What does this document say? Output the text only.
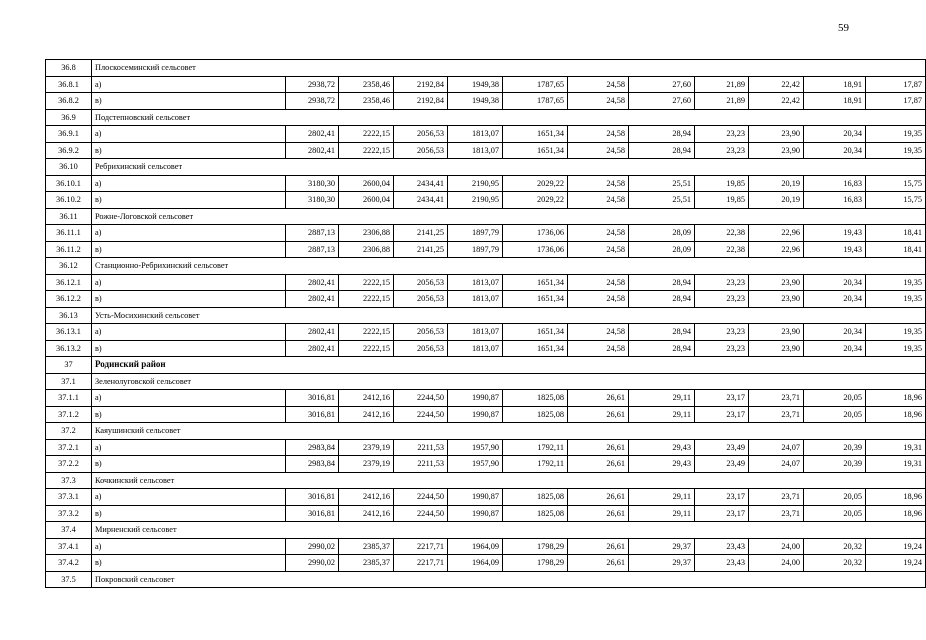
59
36.8	Плоскосеминский сельсовет											
36.8.1	а)	2938,72	2358,46	2192,84	1949,38	1787,65	24,58	27,60	21,89	22,42	18,91	17,87
36.8.2	в)	2938,72	2358,46	2192,84	1949,38	1787,65	24,58	27,60	21,89	22,42	18,91	17,87
36.9	Подстепновский сельсовет											
36.9.1	а)	2802,41	2222,15	2056,53	1813,07	1651,34	24,58	28,94	23,23	23,90	20,34	19,35
36.9.2	в)	2802,41	2222,15	2056,53	1813,07	1651,34	24,58	28,94	23,23	23,90	20,34	19,35
36.10	Ребрихинский сельсовет											
36.10.1	а)	3180,30	2600,04	2434,41	2190,95	2029,22	24,58	25,51	19,85	20,19	16,83	15,75
36.10.2	в)	3180,30	2600,04	2434,41	2190,95	2029,22	24,58	25,51	19,85	20,19	16,83	15,75
36.11	Рожне-Логовской сельсовет											
36.11.1	а)	2887,13	2306,88	2141,25	1897,79	1736,06	24,58	28,09	22,38	22,96	19,43	18,41
36.11.2	в)	2887,13	2306,88	2141,25	1897,79	1736,06	24,58	28,09	22,38	22,96	19,43	18,41
36.12	Станционно-Ребрихинский сельсовет											
36.12.1	а)	2802,41	2222,15	2056,53	1813,07	1651,34	24,58	28,94	23,23	23,90	20,34	19,35
36.12.2	в)	2802,41	2222,15	2056,53	1813,07	1651,34	24,58	28,94	23,23	23,90	20,34	19,35
36.13	Усть-Мосихинский сельсовет											
36.13.1	а)	2802,41	2222,15	2056,53	1813,07	1651,34	24,58	28,94	23,23	23,90	20,34	19,35
36.13.2	в)	2802,41	2222,15	2056,53	1813,07	1651,34	24,58	28,94	23,23	23,90	20,34	19,35
37	Родинский район											
37.1	Зеленолуговской сельсовет											
37.1.1	а)	3016,81	2412,16	2244,50	1990,87	1825,08	26,61	29,11	23,17	23,71	20,05	18,96
37.1.2	в)	3016,81	2412,16	2244,50	1990,87	1825,08	26,61	29,11	23,17	23,71	20,05	18,96
37.2	Каяушинский сельсовет											
37.2.1	а)	2983,84	2379,19	2211,53	1957,90	1792,11	26,61	29,43	23,49	24,07	20,39	19,31
37.2.2	в)	2983,84	2379,19	2211,53	1957,90	1792,11	26,61	29,43	23,49	24,07	20,39	19,31
37.3	Кочкинский сельсовет											
37.3.1	а)	3016,81	2412,16	2244,50	1990,87	1825,08	26,61	29,11	23,17	23,71	20,05	18,96
37.3.2	в)	3016,81	2412,16	2244,50	1990,87	1825,08	26,61	29,11	23,17	23,71	20,05	18,96
37.4	Мирненский сельсовет											
37.4.1	а)	2990,02	2385,37	2217,71	1964,09	1798,29	26,61	29,37	23,43	24,00	20,32	19,24
37.4.2	в)	2990,02	2385,37	2217,71	1964,09	1798,29	26,61	29,37	23,43	24,00	20,32	19,24
37.5	Покровский сельсовет											
